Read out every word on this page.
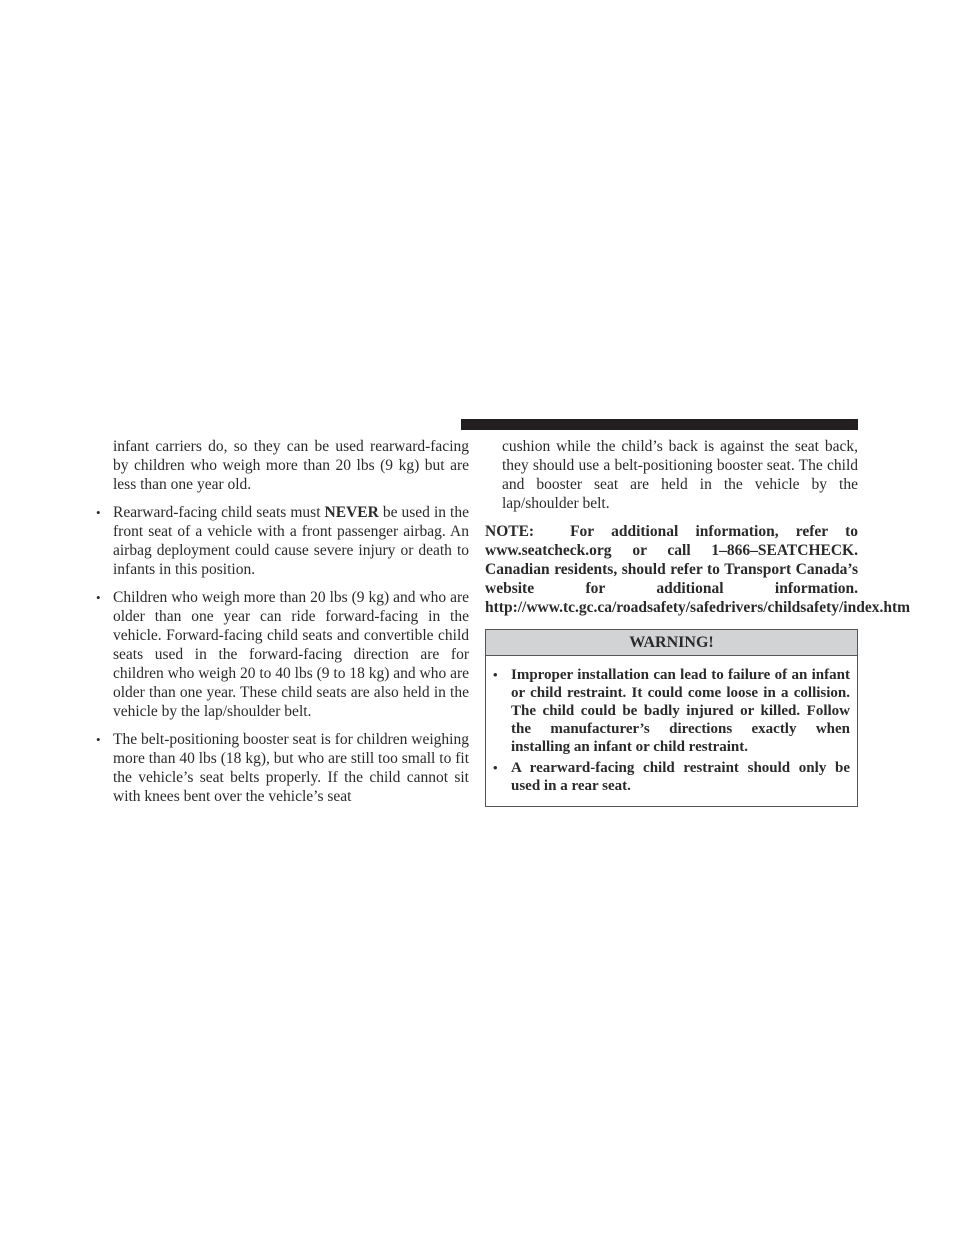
infant carriers do, so they can be used rearward-facing by children who weigh more than 20 lbs (9 kg) but are less than one year old.
• Rearward-facing child seats must NEVER be used in the front seat of a vehicle with a front passenger airbag. An airbag deployment could cause severe injury or death to infants in this position.
• Children who weigh more than 20 lbs (9 kg) and who are older than one year can ride forward-facing in the vehicle. Forward-facing child seats and convertible child seats used in the forward-facing direction are for children who weigh 20 to 40 lbs (9 to 18 kg) and who are older than one year. These child seats are also held in the vehicle by the lap/shoulder belt.
• The belt-positioning booster seat is for children weighing more than 40 lbs (18 kg), but who are still too small to fit the vehicle’s seat belts properly. If the child cannot sit with knees bent over the vehicle’s seat
cushion while the child’s back is against the seat back, they should use a belt-positioning booster seat. The child and booster seat are held in the vehicle by the lap/shoulder belt.
NOTE: For additional information, refer to www.seatcheck.org or call 1–866–SEATCHECK. Canadian residents, should refer to Transport Canada’s website for additional information. http://www.tc.gc.ca/roadsafety/safedrivers/childsafety/index.htm
WARNING!
• Improper installation can lead to failure of an infant or child restraint. It could come loose in a collision. The child could be badly injured or killed. Follow the manufacturer’s directions exactly when installing an infant or child restraint.
• A rearward-facing child restraint should only be used in a rear seat.
